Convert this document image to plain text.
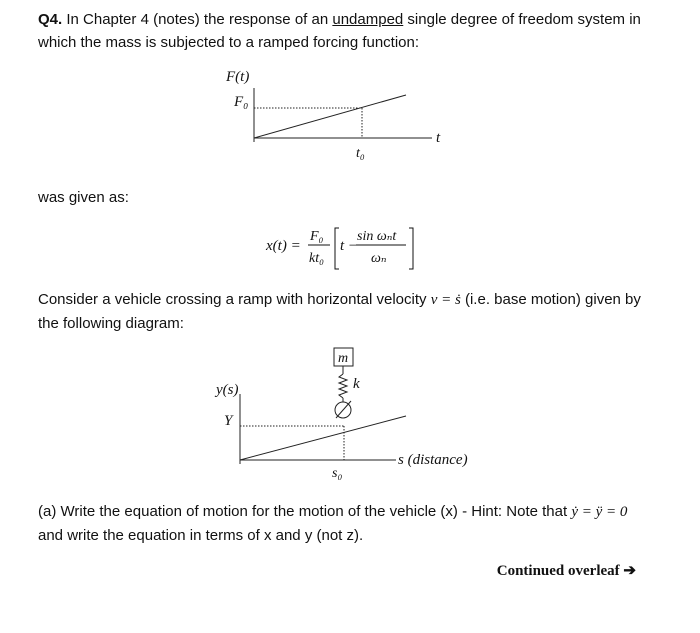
Q4. In Chapter 4 (notes) the response of an undamped single degree of freedom system in
which the mass is subjected to a ramped forcing function:

F(t)
F₀
t
t₀

was given as:

x(t) =
F₀
kt₀
t −
sin ωₙt
ωₙ

Consider a vehicle crossing a ramp with horizontal velocity v = ṡ (i.e. base motion) given by
the following diagram:

m
k
y(s)
Y
s₀
s (distance)

(a) Write the equation of motion for the motion of the vehicle (x) - Hint: Note that ẏ = ÿ = 0
and write the equation in terms of x and y (not z).

Continued overleaf ➔
